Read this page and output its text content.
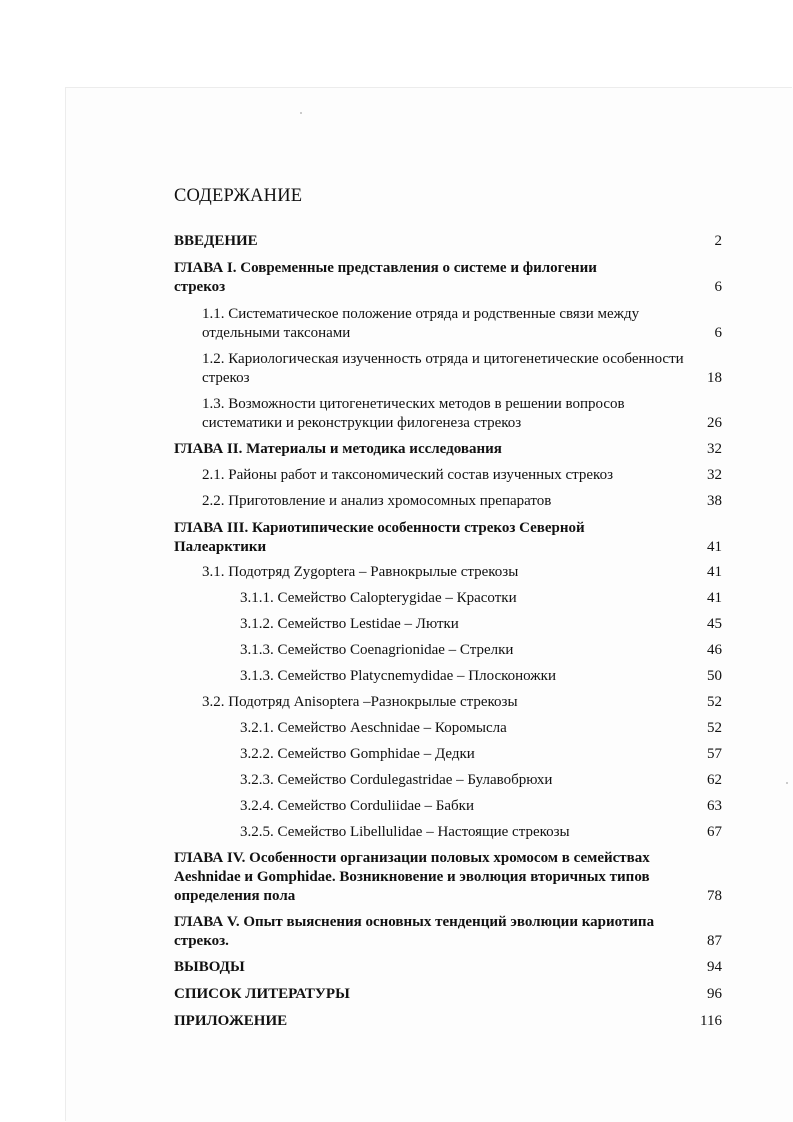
СОДЕРЖАНИЕ
ВВЕДЕНИЕ	2
ГЛАВА I. Современные представления о системе и филогении стрекоз	6
1.1. Систематическое положение отряда и родственные связи между отдельными таксонами	6
1.2. Кариологическая изученность отряда и цитогенетические особенности стрекоз	18
1.3. Возможности цитогенетических методов в решении вопросов систематики и реконструкции филогенеза стрекоз	26
ГЛАВА II. Материалы и методика исследования	32
2.1. Районы работ и таксономический состав изученных стрекоз	32
2.2. Приготовление и анализ хромосомных препаратов	38
ГЛАВА III. Кариотипические особенности стрекоз Северной Палеарктики	41
3.1. Подотряд Zygoptera – Равнокрылые стрекозы	41
3.1.1. Семейство Calopterygidae – Красотки	41
3.1.2. Семейство Lestidae – Лютки	45
3.1.3. Семейство Coenagrionidae – Стрелки	46
3.1.3. Семейство Platycnemydidae – Плосконожки	50
3.2. Подотряд Anisoptera –Разнокрылые стрекозы	52
3.2.1. Семейство Aeschnidae – Коромысла	52
3.2.2. Семейство Gomphidae – Дедки	57
3.2.3. Семейство Cordulegastridae – Булавобрюхи	62
3.2.4. Семейство Corduliidae – Бабки	63
3.2.5. Семейство Libellulidae – Настоящие стрекозы	67
ГЛАВА IV. Особенности организации половых хромосом в семействах Aeshnidae и Gomphidae. Возникновение и эволюция вторичных типов определения пола	78
ГЛАВА V. Опыт выяснения основных тенденций эволюции кариотипа стрекоз.	87
ВЫВОДЫ	94
СПИСОК ЛИТЕРАТУРЫ	96
ПРИЛОЖЕНИЕ	116
